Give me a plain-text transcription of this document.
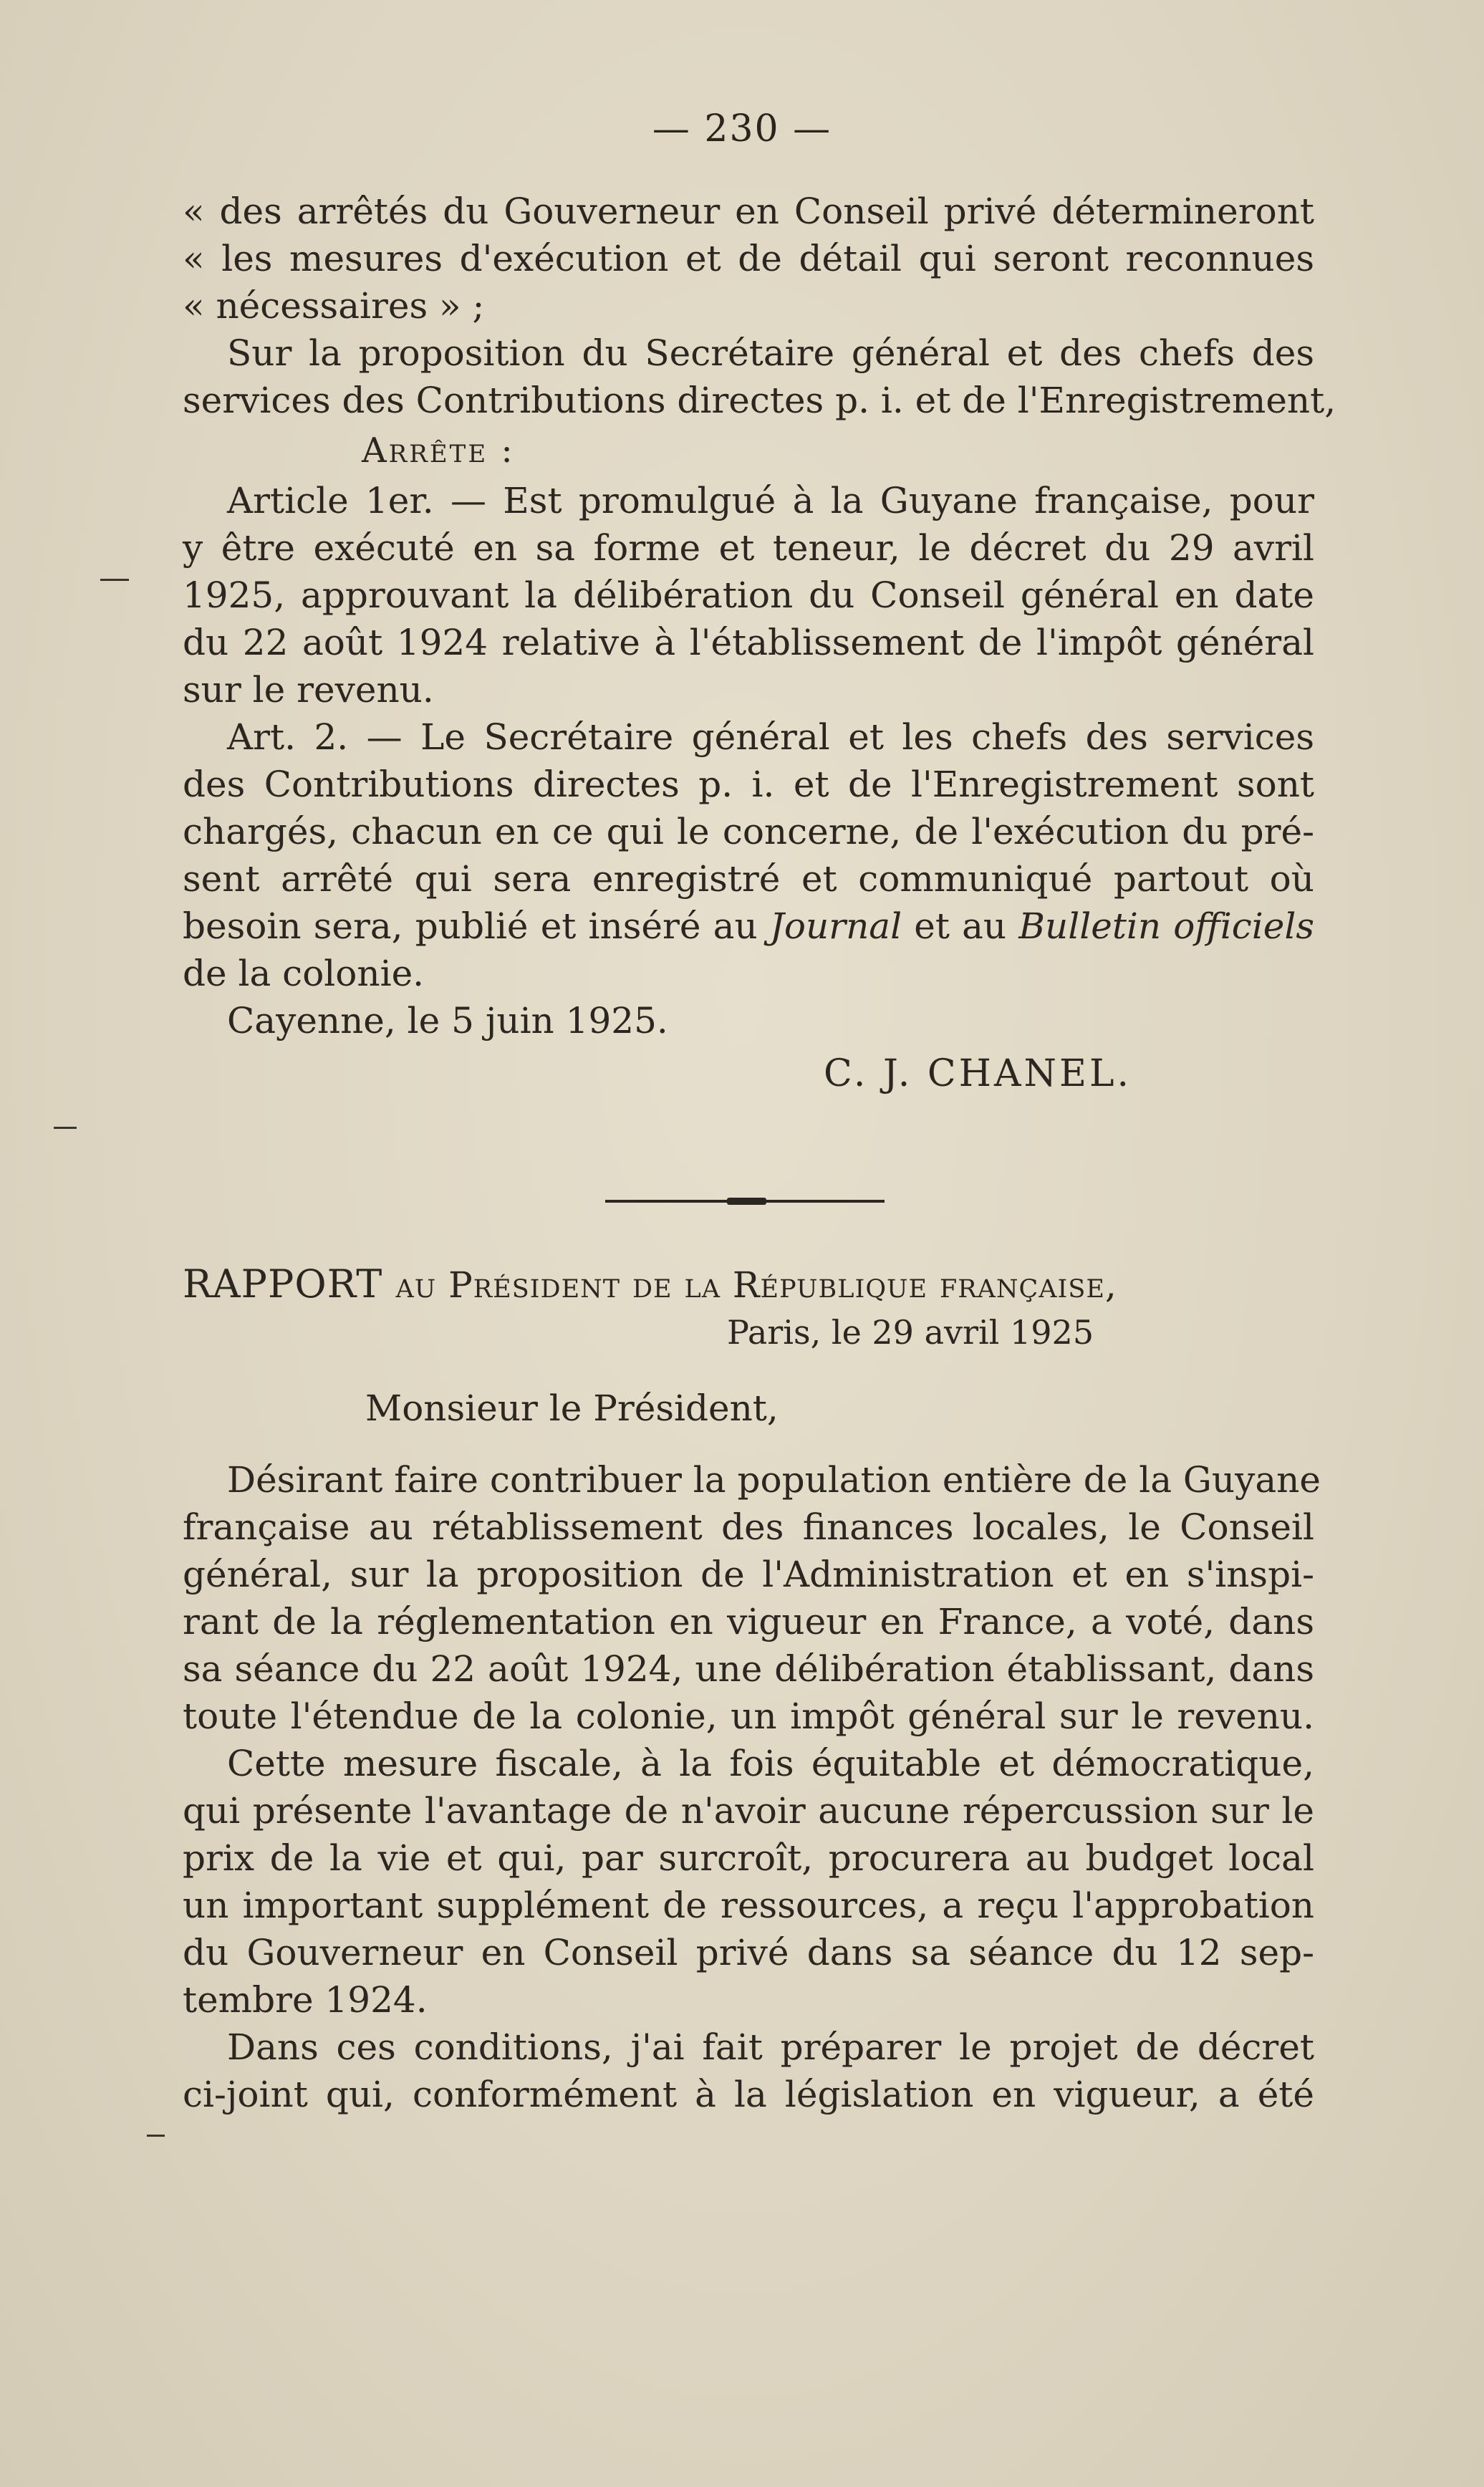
— 230 —
« des arrêtés du Gouverneur en Conseil privé détermineront
« les mesures d'exécution et de détail qui seront reconnues
« nécessaires » ;
Sur la proposition du Secrétaire général et des chefs des
services des Contributions directes p. i. et de l'Enregistrement,
Arrête :
Article 1er. — Est promulgué à la Guyane française, pour
y être exécuté en sa forme et teneur, le décret du 29 avril
1925, approuvant la délibération du Conseil général en date
du 22 août 1924 relative à l'établissement de l'impôt général
sur le revenu.
Art. 2. — Le Secrétaire général et les chefs des services
des Contributions directes p. i. et de l'Enregistrement sont
chargés, chacun en ce qui le concerne, de l'exécution du pré-
sent arrêté qui sera enregistré et communiqué partout où
besoin sera, publié et inséré au Journal et au Bulletin officiels
de la colonie.
Cayenne, le 5 juin 1925.
C. J. CHANEL.
RAPPORT au Président de la République française,
Paris, le 29 avril 1925
Monsieur le Président,
Désirant faire contribuer la population entière de la Guyane
française au rétablissement des finances locales, le Conseil
général, sur la proposition de l'Administration et en s'inspi-
rant de la réglementation en vigueur en France, a voté, dans
sa séance du 22 août 1924, une délibération établissant, dans
toute l'étendue de la colonie, un impôt général sur le revenu.
Cette mesure fiscale, à la fois équitable et démocratique,
qui présente l'avantage de n'avoir aucune répercussion sur le
prix de la vie et qui, par surcroît, procurera au budget local
un important supplément de ressources, a reçu l'approbation
du Gouverneur en Conseil privé dans sa séance du 12 sep-
tembre 1924.
Dans ces conditions, j'ai fait préparer le projet de décret
ci-joint qui, conformément à la législation en vigueur, a été
